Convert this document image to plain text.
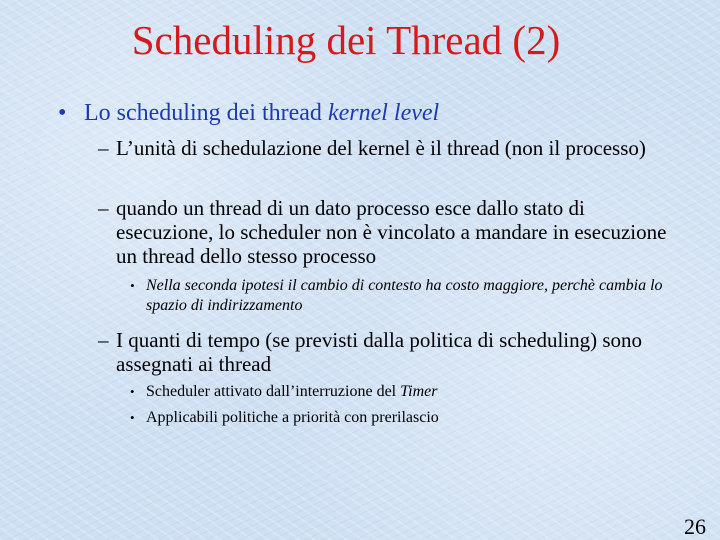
Scheduling dei Thread (2)
• Lo scheduling dei thread kernel level
– L’unità di schedulazione del kernel è il thread (non il processo)
– quando un thread di un dato processo esce dallo stato di esecuzione, lo scheduler non è vincolato a mandare in esecuzione un thread dello stesso processo
• Nella seconda ipotesi il cambio di contesto ha costo maggiore, perchè cambia lo spazio di indirizzamento
– I quanti di tempo (se previsti dalla politica di scheduling) sono assegnati ai thread
• Scheduler attivato dall’interruzione del Timer
• Applicabili politiche a priorità con prerilascio
26
